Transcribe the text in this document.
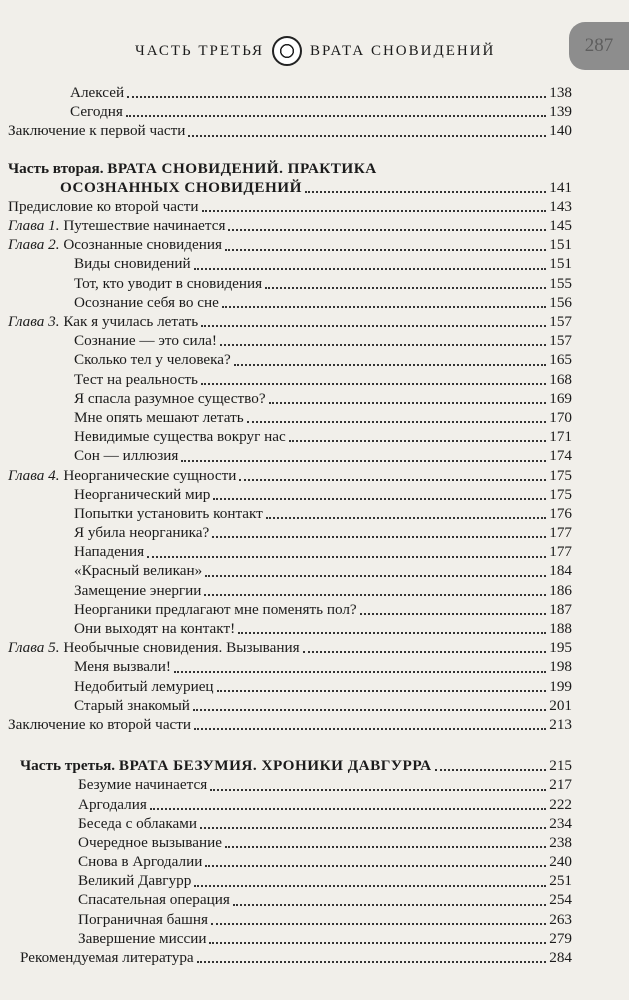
ЧАСТЬ ТРЕТЬЯ	ВРАТА СНОВИДЕНИЙ	287
Алексей	138
Сегодня	139
Заключение к первой части	140
Часть вторая. ВРАТА СНОВИДЕНИЙ. ПРАКТИКА
ОСОЗНАННЫХ СНОВИДЕНИЙ	141
Предисловие ко второй части	143
Глава 1. Путешествие начинается	145
Глава 2. Осознанные сновидения	151
Виды сновидений	151
Тот, кто уводит в сновидения	155
Осознание себя во сне	156
Глава 3. Как я училась летать	157
Сознание — это сила!	157
Сколько тел у человека?	165
Тест на реальность	168
Я спасла разумное существо?	169
Мне опять мешают летать	170
Невидимые существа вокруг нас	171
Сон — иллюзия	174
Глава 4. Неорганические сущности	175
Неорганический мир	175
Попытки установить контакт	176
Я убила неорганика?	177
Нападения	177
«Красный великан»	184
Замещение энергии	186
Неорганики предлагают мне поменять пол?	187
Они выходят на контакт!	188
Глава 5. Необычные сновидения. Вызывания	195
Меня вызвали!	198
Недобитый лемуриец	199
Старый знакомый	201
Заключение ко второй части	213
Часть третья. ВРАТА БЕЗУМИЯ. ХРОНИКИ ДАВГУРРА	215
Безумие начинается	217
Аргодалия	222
Беседа с облаками	234
Очередное вызывание	238
Снова в Аргодалии	240
Великий Давгурр	251
Спасательная операция	254
Пограничная башня	263
Завершение миссии	279
Рекомендуемая литература	284
